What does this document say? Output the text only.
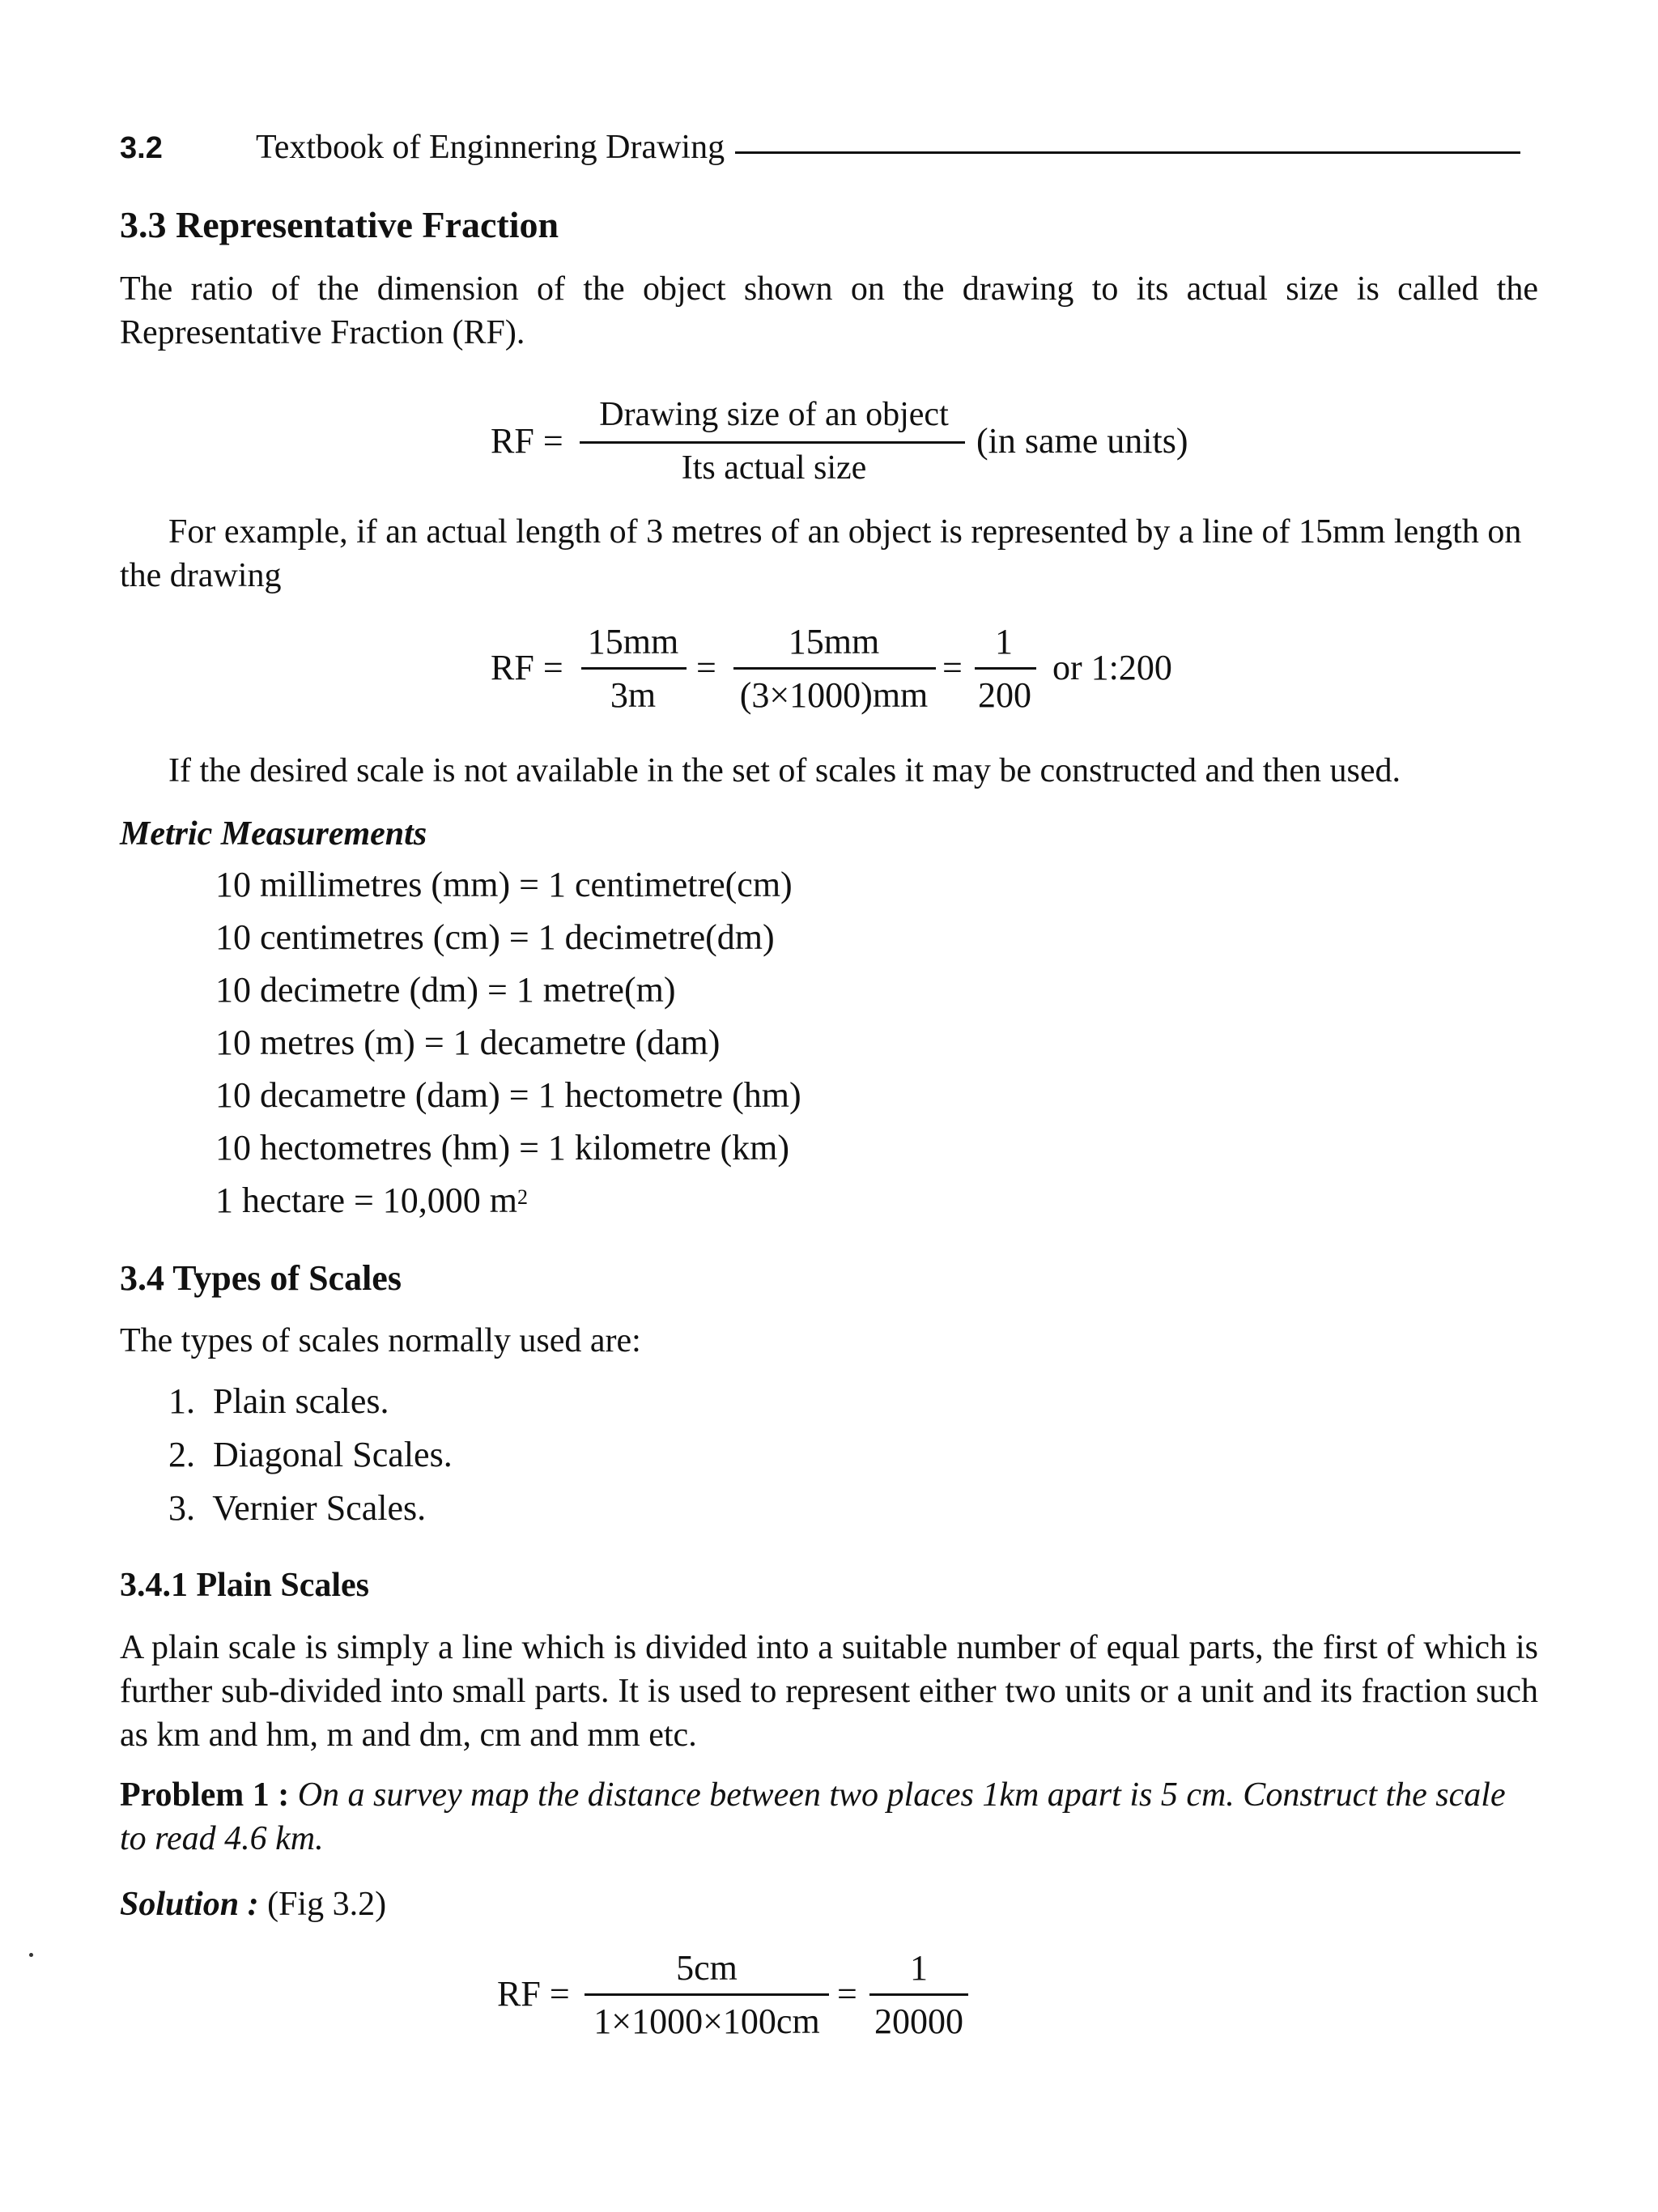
3.2	Textbook of Enginnering Drawing
3.3 Representative Fraction
The ratio of the dimension of the object shown on the drawing to its actual size is called the Representative Fraction (RF).
RF =
Drawing size of an object
Its actual size
(in same units)
For example, if an actual length of 3 metres of an object is represented by a line of 15mm length on the drawing
RF =
15mm
3m
=
15mm
(3×1000)mm
=
1
200
or 1:200
If the desired scale is not available in the set of scales it may be constructed and then used.
Metric Measurements
10 millimetres (mm) = 1 centimetre(cm)
10 centimetres (cm) = 1 decimetre(dm)
10 decimetre (dm) = 1 metre(m)
10 metres (m) = 1 decametre (dam)
10 decametre (dam) = 1 hectometre (hm)
10 hectometres (hm) = 1 kilometre (km)
1 hectare = 10,000 $m^2$
3.4 Types of Scales
The types of scales normally used are:
1. Plain scales.
2. Diagonal Scales.
3. Vernier Scales.
3.4.1 Plain Scales
A plain scale is simply a line which is divided into a suitable number of equal parts, the first of which is further sub-divided into small parts. It is used to represent either two units or a unit and its fraction such as km and hm, m and dm, cm and mm etc.
Problem 1 : On a survey map the distance between two places 1km apart is 5 cm. Construct the scale to read 4.6 km.
Solution : (Fig 3.2)
RF =
5cm
1×1000×100cm
=
1
20000
